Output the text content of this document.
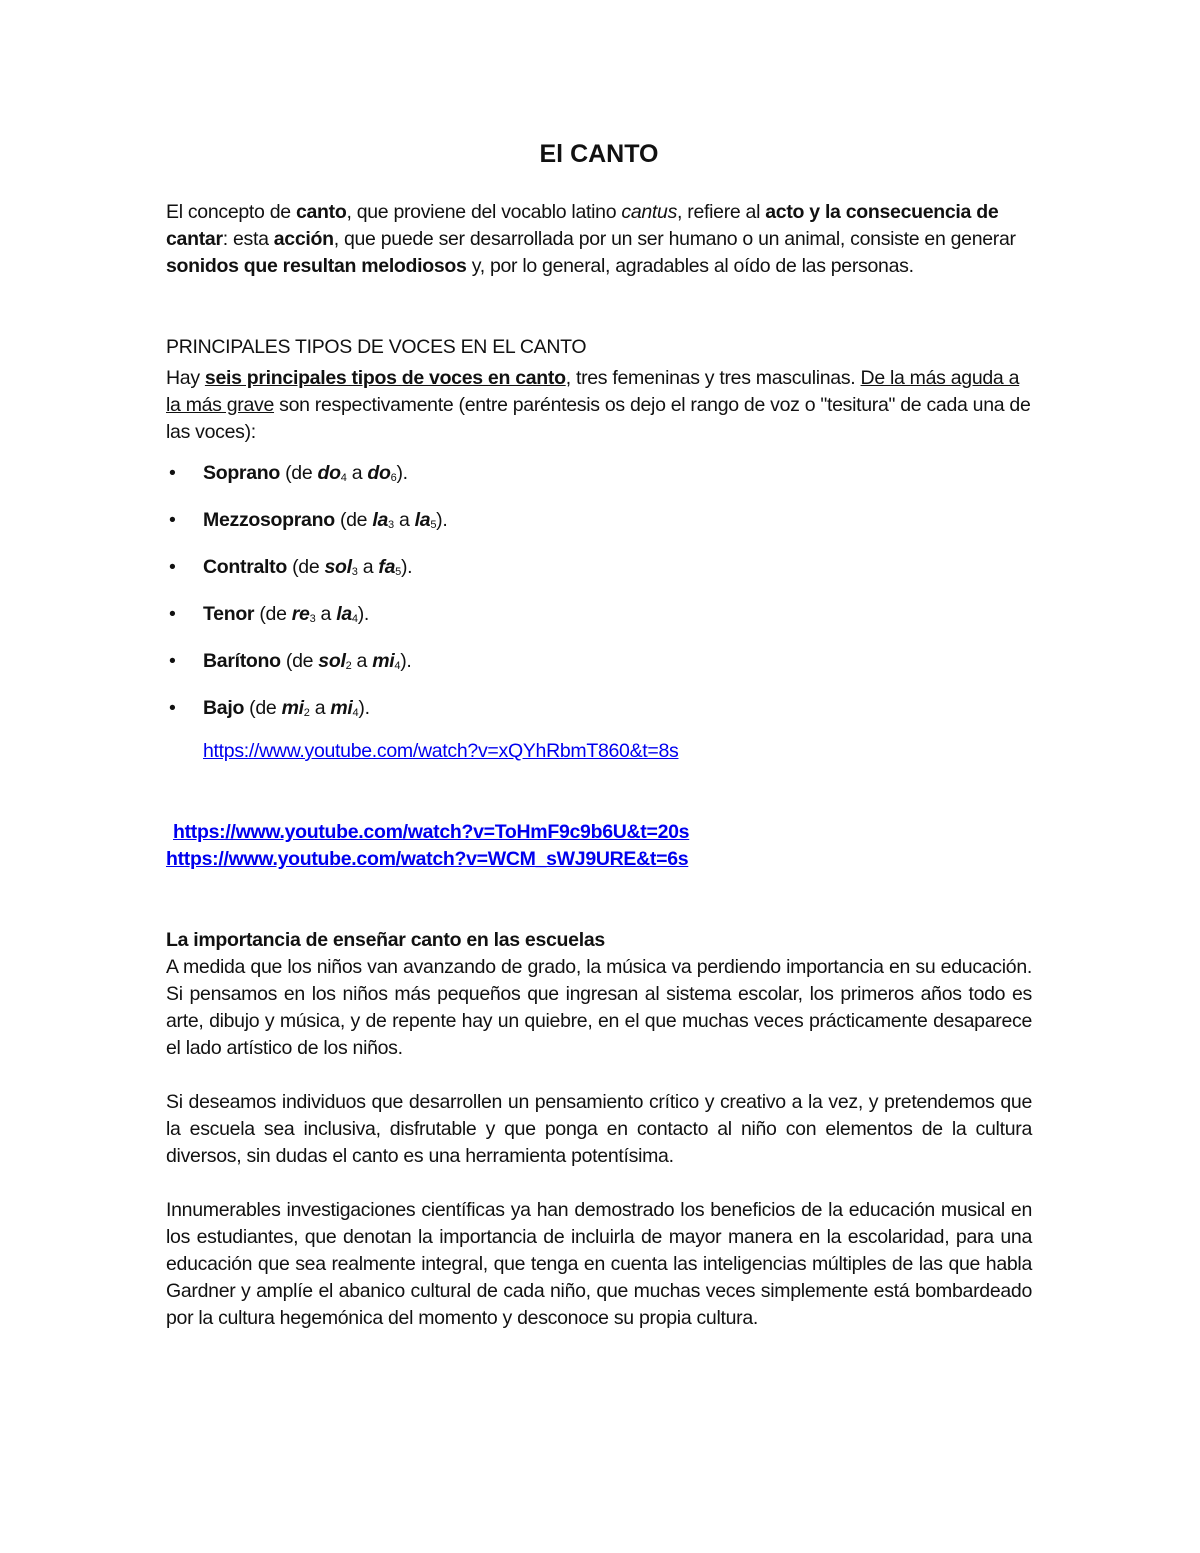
El CANTO

El concepto de canto, que proviene del vocablo latino cantus, refiere al acto y la consecuencia de cantar: esta acción, que puede ser desarrollada por un ser humano o un animal, consiste en generar sonidos que resultan melodiosos y, por lo general, agradables al oído de las personas.

PRINCIPALES TIPOS DE VOCES EN EL CANTO

Hay seis principales tipos de voces en canto, tres femeninas y tres masculinas. De la más aguda a la más grave son respectivamente (entre paréntesis os dejo el rango de voz o "tesitura" de cada una de las voces):

• Soprano (de $do_4$ a $do_6$).
• Mezzosoprano (de $la_3$ a $la_5$).
• Contralto (de sol$_3$ a $fa_5$).
• Tenor (de $re_3$ a $la_4$).
• Barítono (de sol$_2$ a $mi_4$).
• Bajo (de $mi_2$ a $mi_4$).
https://www.youtube.com/watch?v=xQYhRbmT860&t=8s
https://www.youtube.com/watch?v=ToHmF9c9b6U&t=20s
https://www.youtube.com/watch?v=WCM_sWJ9URE&t=6s

La importancia de enseñar canto en las escuelas

A medida que los niños van avanzando de grado, la música va perdiendo importancia en su educación. Si pensamos en los niños más pequeños que ingresan al sistema escolar, los primeros años todo es arte, dibujo y música, y de repente hay un quiebre, en el que muchas veces prácticamente desaparece el lado artístico de los niños.

Si deseamos individuos que desarrollen un pensamiento crítico y creativo a la vez, y pretendemos que la escuela sea inclusiva, disfrutable y que ponga en contacto al niño con elementos de la cultura diversos, sin dudas el canto es una herramienta potentísima.

Innumerables investigaciones científicas ya han demostrado los beneficios de la educación musical en los estudiantes, que denotan la importancia de incluirla de mayor manera en la escolaridad, para una educación que sea realmente integral, que tenga en cuenta las inteligencias múltiples de las que habla Gardner y amplíe el abanico cultural de cada niño, que muchas veces simplemente está bombardeado por la cultura hegemónica del momento y desconoce su propia cultura.
